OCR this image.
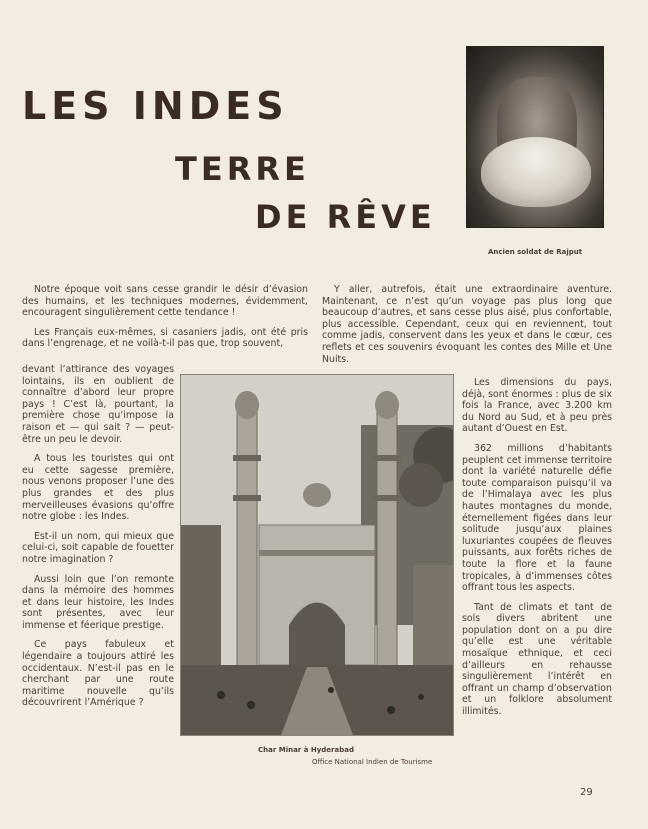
LES INDES
TERRE
DE RÊVE
Ancien soldat de Rajput

Notre époque voit sans cesse grandir le désir d’évasion des humains, et les techniques modernes, évidemment, encouragent singulièrement cette tendance !

Les Français eux-mêmes, si casaniers jadis, ont été pris dans l’engrenage, et ne voilà-t-il pas que, trop souvent,

devant l’attirance des voyages lointains, ils en oublient de connaître d’abord leur propre pays ! C’est là, pourtant, la première chose qu’impose la raison et — qui sait ? — peut-être un peu le devoir.

A tous les touristes qui ont eu cette sagesse première, nous venons proposer l’une des plus grandes et des plus merveilleuses évasions qu’offre notre globe : les Indes.

Est-il un nom, qui mieux que celui-ci, soit capable de fouetter notre imagination ?

Aussi loin que l’on remonte dans la mémoire des hommes et dans leur histoire, les Indes sont présentes, avec leur immense et féerique prestige.

Ce pays fabuleux et légendaire a toujours attiré les occidentaux. N’est-il pas en le cherchant par une route maritime nouvelle qu’ils découvrirent l’Amérique ?

Y aller, autrefois, était une extraordinaire aventure. Maintenant, ce n’est qu’un voyage pas plus long que beaucoup d’autres, et sans cesse plus aisé, plus confortable, plus accessible. Cependant, ceux qui en reviennent, tout comme jadis, conservent dans les yeux et dans le cœur, ces reflets et ces souvenirs évoquant les contes des Mille et Une Nuits.

Les dimensions du pays, déjà, sont énormes : plus de six fois la France, avec 3.200 km du Nord au Sud, et à peu près autant d’Ouest en Est.

362 millions d’habitants peuplent cet immense territoire dont la variété naturelle défie toute comparaison puisqu’il va de l’Himalaya avec les plus hautes montagnes du monde, éternellement figées dans leur solitude jusqu’aux plaines luxuriantes coupées de fleuves puissants, aux forêts riches de toute la flore et la faune tropicales, à d’immenses côtes offrant tous les aspects.

Tant de climats et tant de sols divers abritent une population dont on a pu dire qu’elle est une véritable mosaïque ethnique, et ceci d’ailleurs en rehausse singulièrement l’intérêt en offrant un champ d’observation et un folklore absolument illimités.

Char Minar à Hyderabad
Office National Indien de Tourisme
29
